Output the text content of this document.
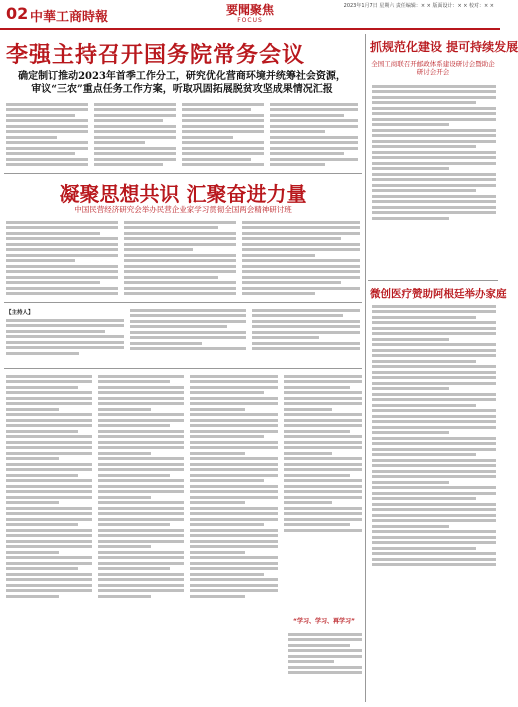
02 中華工商時報	要聞聚焦
FOCUS
2023年1月7日 星期六 责任编辑：× × 版面设计：× × 校对：× ×
李强主持召开国务院常务会议
确定制订推动2023年首季工作分工，研究优化营商环境并统筹社会资源，
审议“三农”重点任务工作方案，听取巩固拓展脱贫攻坚成果情况汇报
抓规范化建设 提可持续发展
全国工商联召开邮政体系建设研讨会暨助企研讨会开会
凝聚思想共识 汇聚奋进力量
中国民营经济研究会举办民营企业家学习贯彻全国两会精神研讨班
【主持人】
“学习、学习、再学习”
微创医疗赞助阿根廷举办家庭
